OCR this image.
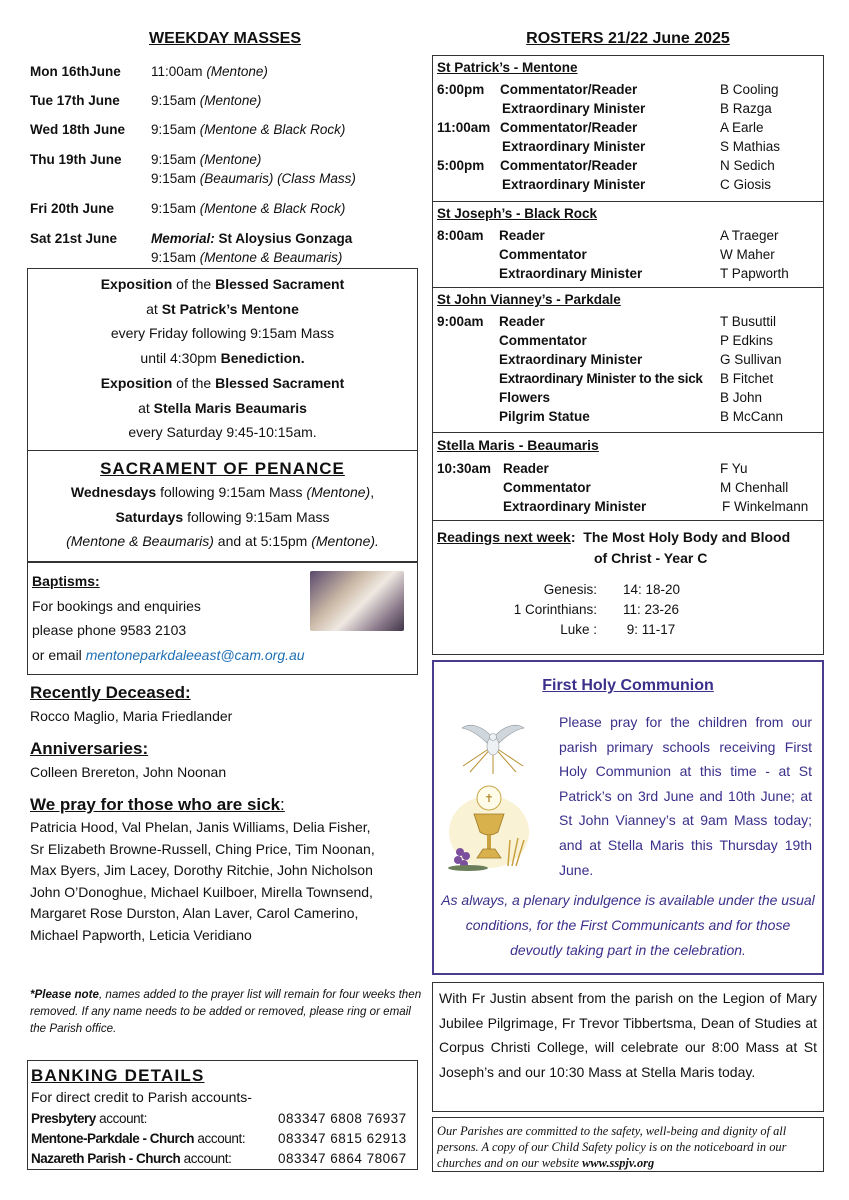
WEEKDAY MASSES
Mon 16thJune	11:00am (Mentone)
Tue 17th June	9:15am (Mentone)
Wed 18th June	9:15am (Mentone & Black Rock)
Thu 19th June	9:15am (Mentone)
9:15am (Beaumaris) (Class Mass)
Fri 20th June	9:15am (Mentone & Black Rock)
Sat 21st June	Memorial: St Aloysius Gonzaga
9:15am (Mentone & Beaumaris)
Exposition of the Blessed Sacrament
at St Patrick’s Mentone
every Friday following 9:15am Mass
until 4:30pm Benediction.
Exposition of the Blessed Sacrament
at Stella Maris Beaumaris
every Saturday 9:45-10:15am.
SACRAMENT OF PENANCE
Wednesdays following 9:15am Mass (Mentone),
Saturdays following 9:15am Mass
(Mentone & Beaumaris) and at 5:15pm (Mentone).
Baptisms:
For bookings and enquiries
please phone 9583 2103
or email mentoneparkdaleeast@cam.org.au
Recently Deceased:
Rocco Maglio, Maria Friedlander
Anniversaries:
Colleen Brereton, John Noonan
We pray for those who are sick:
Patricia Hood, Val Phelan, Janis Williams, Delia Fisher,
Sr Elizabeth Browne-Russell, Ching Price, Tim Noonan,
Max Byers, Jim Lacey, Dorothy Ritchie, John Nicholson
John O’Donoghue, Michael Kuilboer, Mirella Townsend,
Margaret Rose Durston, Alan Laver, Carol Camerino,
Michael Papworth, Leticia Veridiano
*Please note, names added to the prayer list will remain for four weeks then removed. If any name needs to be added or removed, please ring or email the Parish office.
BANKING DETAILS
For direct credit to Parish accounts-
Presbytery account:	083347 6808 76937
Mentone-Parkdale - Church account: 083347 6815 62913
Nazareth Parish - Church account:	083347 6864 78067
ROSTERS 21/22 June 2025
St Patrick’s - Mentone
6:00pm Commentator/Reader	B Cooling
Extraordinary Minister	B Razga
11:00am Commentator/Reader	A Earle
Extraordinary Minister	S Mathias
5:00pm Commentator/Reader	N Sedich
Extraordinary Minister	C Giosis
St Joseph’s - Black Rock
8:00am Reader	A Traeger
Commentator	W Maher
Extraordinary Minister	T Papworth
St John Vianney’s - Parkdale
9:00am Reader	T Busuttil
Commentator	P Edkins
Extraordinary Minister	G Sullivan
Extraordinary Minister to the sick B Fitchet
Flowers	B John
Pilgrim Statue	B McCann
Stella Maris - Beaumaris
10:30am Reader	F Yu
Commentator	M Chenhall
Extraordinary Minister	F Winkelmann
Readings next week: The Most Holy Body and Blood
of Christ - Year C
Genesis: 14: 18-20
1 Corinthians: 11: 23-26
Luke : 9: 11-17
First Holy Communion
✝
Please pray for the children from our parish primary schools receiving First Holy Communion at this time - at St Patrick’s on 3rd June and 10th June; at St John Vianney’s at 9am Mass today; and at Stella Maris this Thursday 19th June.
As always, a plenary indulgence is available under the usual conditions, for the First Communicants and for those devoutly taking part in the celebration.
With Fr Justin absent from the parish on the Legion of Mary Jubilee Pilgrimage, Fr Trevor Tibbertsma, Dean of Studies at Corpus Christi College, will celebrate our 8:00 Mass at St Joseph’s and our 10:30 Mass at Stella Maris today.
Our Parishes are committed to the safety, well-being and dignity of all persons. A copy of our Child Safety policy is on the noticeboard in our churches and on our website www.sspjv.org
